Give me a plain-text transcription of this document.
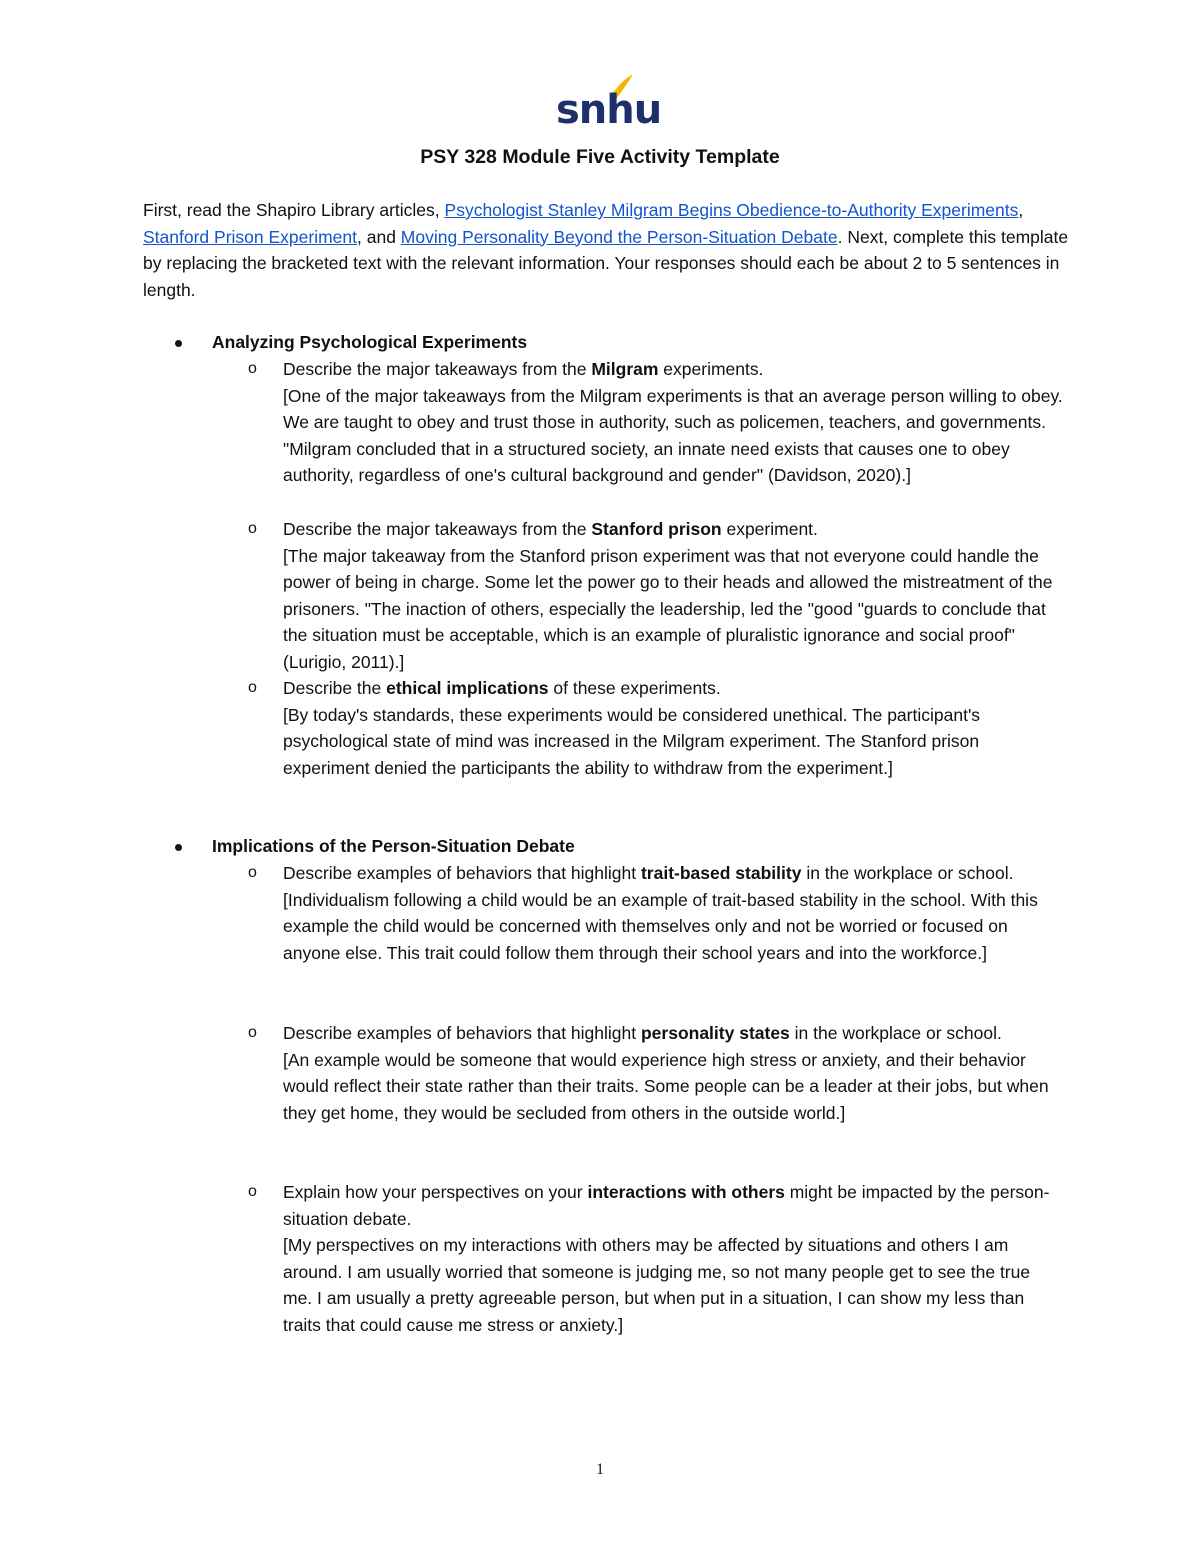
snhu
PSY 328 Module Five Activity Template
First, read the Shapiro Library articles, Psychologist Stanley Milgram Begins Obedience-to-Authority Experiments, Stanford Prison Experiment, and Moving Personality Beyond the Person-Situation Debate. Next, complete this template by replacing the bracketed text with the relevant information. Your responses should each be about 2 to 5 sentences in length.
Analyzing Psychological Experiments
o Describe the major takeaways from the Milgram experiments.
[One of the major takeaways from the Milgram experiments is that an average person willing to obey. We are taught to obey and trust those in authority, such as policemen, teachers, and governments. "Milgram concluded that in a structured society, an innate need exists that causes one to obey authority, regardless of one's cultural background and gender" (Davidson, 2020).]
o Describe the major takeaways from the Stanford prison experiment.
[The major takeaway from the Stanford prison experiment was that not everyone could handle the power of being in charge. Some let the power go to their heads and allowed the mistreatment of the prisoners. "The inaction of others, especially the leadership, led the "good "guards to conclude that the situation must be acceptable, which is an example of pluralistic ignorance and social proof" (Lurigio, 2011).]
o Describe the ethical implications of these experiments.
[By today's standards, these experiments would be considered unethical. The participant's psychological state of mind was increased in the Milgram experiment. The Stanford prison experiment denied the participants the ability to withdraw from the experiment.]
Implications of the Person-Situation Debate
o Describe examples of behaviors that highlight trait-based stability in the workplace or school.
[Individualism following a child would be an example of trait-based stability in the school. With this example the child would be concerned with themselves only and not be worried or focused on anyone else. This trait could follow them through their school years and into the workforce.]
o Describe examples of behaviors that highlight personality states in the workplace or school.
[An example would be someone that would experience high stress or anxiety, and their behavior would reflect their state rather than their traits. Some people can be a leader at their jobs, but when they get home, they would be secluded from others in the outside world.]
o Explain how your perspectives on your interactions with others might be impacted by the person-situation debate.
[My perspectives on my interactions with others may be affected by situations and others I am around. I am usually worried that someone is judging me, so not many people get to see the true me. I am usually a pretty agreeable person, but when put in a situation, I can show my less than traits that could cause me stress or anxiety.]
1
